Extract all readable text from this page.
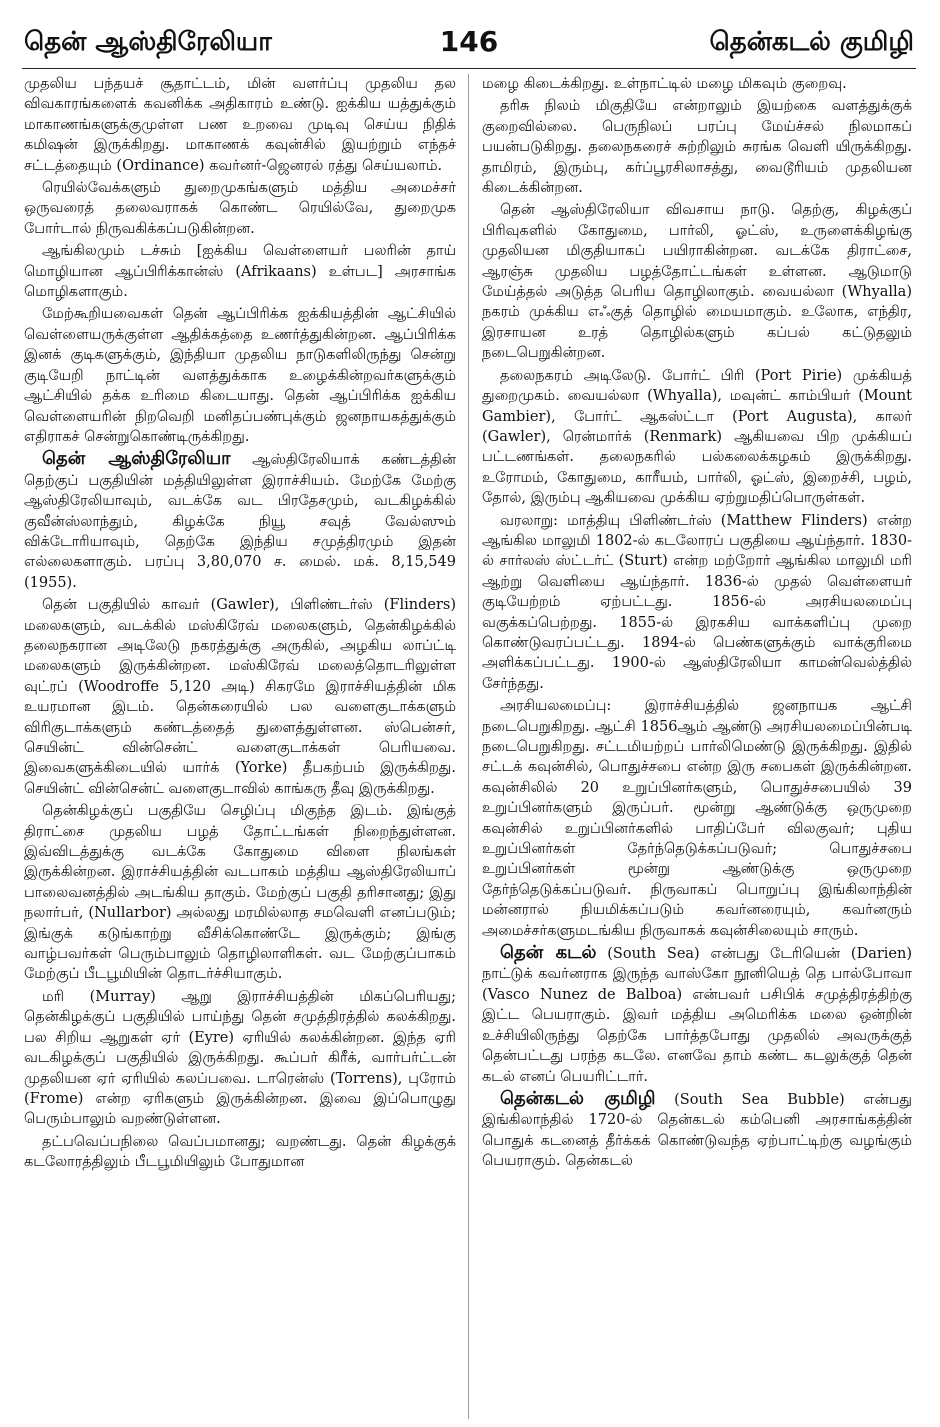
146
தென் ஆஸ்திரேலியா	தென்கடல் குமிழி

முதலிய பந்தயச் சூதாட்டம், மின் வளர்ப்பு முதலிய தல விவகாரங்களைக் கவனிக்க அதிகாரம் உண்டு. ஐக்கிய யத்துக்கும் மாகாணங்களுக்குமுள்ள பண உறவை முடிவு செய்ய நிதிக் கமிஷன் இருக்கிறது. மாகாணக் கவுன்சில் இயற்றும் எந்தச் சட்டத்தையும் (Ordinance) கவர்னர்-ஜெனரல் ரத்து செய்யலாம்.

ரெயில்வேக்களும் துறைமுகங்களும் மத்திய அமைச்சர் ஒருவரைத் தலைவராகக் கொண்ட ரெயில்வே, துறைமுக போர்டால் நிருவகிக்கப்படுகின்றன.

ஆங்கிலமும் டச்சும் [ஐக்கிய வெள்ளையர் பலரின் தாய் மொழியான ஆப்பிரிக்கான்ஸ் (Afrikaans) உள்பட] அரசாங்க மொழிகளாகும்.

மேற்கூறியவைகள் தென் ஆப்பிரிக்க ஐக்கியத்தின் ஆட்சியில் வெள்ளையருக்குள்ள ஆதிக்கத்தை உணர்த்துகின்றன. ஆப்பிரிக்க இனக் குடிகளுக்கும், இந்தியா முதலிய நாடுகளிலிருந்து சென்று குடியேறி நாட்டின் வளத்துக்காக உழைக்கின்றவர்களுக்கும் ஆட்சியில் தக்க உரிமை கிடையாது. தென் ஆப்பிரிக்க ஐக்கிய வெள்ளையரின் நிறவெறி மனிதப்பண்புக்கும் ஜனநாயகத்துக்கும் எதிராகச் சென்றுகொண்டிருக்கிறது.

தென் ஆஸ்திரேலியா ஆஸ்திரேலியாக் கண்டத்தின் தெற்குப் பகுதியின் மத்தியிலுள்ள இராச்சியம். மேற்கே மேற்கு ஆஸ்திரேலியாவும், வடக்கே வட பிரதேசமும், வடகிழக்கில் குவீன்ஸ்லாந்தும், கிழக்கே நியூ சவுத் வேல்ஸும் விக்டோரியாவும், தெற்கே இந்திய சமுத்திரமும் இதன் எல்லைகளாகும். பரப்பு 3,80,070 ச. மைல். மக். 8,15,549 (1955).

தென் பகுதியில் காவர் (Gawler), பிளிண்டர்ஸ் (Flinders) மலைகளும், வடக்கில் மஸ்கிரேவ் மலைகளும், தென்கிழக்கில் தலைநகரான அடிலேடு நகரத்துக்கு அருகில், அழகிய லாப்ட்டி மலைகளும் இருக்கின்றன. மஸ்கிரேவ் மலைத்தொடரிலுள்ள வுட்ரப் (Woodroffe 5,120 அடி) சிகரமே இராச்சியத்தின் மிக உயரமான இடம். தென்கரையில் பல வளைகுடாக்களும் விரிகுடாக்களும் கண்டத்தைத் துளைத்துள்ளன. ஸ்பென்சர், செயின்ட் வின்சென்ட் வளைகுடாக்கள் பெரியவை. இவைகளுக்கிடையில் யார்க் (Yorke) தீபகற்பம் இருக்கிறது. செயின்ட் வின்சென்ட் வளைகுடாவில் காங்கரு தீவு இருக்கிறது.

தென்கிழக்குப் பகுதியே செழிப்பு மிகுந்த இடம். இங்குத் திராட்சை முதலிய பழத் தோட்டங்கள் நிறைந்துள்ளன. இவ்விடத்துக்கு வடக்கே கோதுமை விளை நிலங்கள் இருக்கின்றன. இராச்சியத்தின் வடபாகம் மத்திய ஆஸ்திரேலியாப் பாலைவனத்தில் அடங்கிய தாகும். மேற்குப் பகுதி தரிசானது; இது நலார்பர், (Nullarbor) அல்லது மரமில்லாத சமவெளி எனப்படும்; இங்குக் கடுங்காற்று வீசிக்கொண்டே இருக்கும்; இங்கு வாழ்பவர்கள் பெரும்பாலும் தொழிலாளிகள். வட மேற்குப்பாகம் மேற்குப் பீடபூமியின் தொடர்ச்சியாகும்.

மரி (Murray) ஆறு இராச்சியத்தின் மிகப்பெரியது; தென்கிழக்குப் பகுதியில் பாய்ந்து தென் சமுத்திரத்தில் கலக்கிறது. பல சிறிய ஆறுகள் ஏர் (Eyre) ஏரியில் கலக்கின்றன. இந்த ஏரி வடகிழக்குப் பகுதியில் இருக்கிறது. கூப்பர் கிரீக், வார்பர்ட்டன் முதலியன ஏர் ஏரியில் கலப்பவை. டாரென்ஸ் (Torrens), புரோம் (Frome) என்ற ஏரிகளும் இருக்கின்றன. இவை இப்பொழுது பெரும்பாலும் வறண்டுள்ளன.

தட்பவெப்பநிலை வெப்பமானது; வறண்டது. தென் கிழக்குக் கடலோரத்திலும் பீடபூமியிலும் போதுமான

மழை கிடைக்கிறது. உள்நாட்டில் மழை மிகவும் குறைவு.

தரிசு நிலம் மிகுதியே என்றாலும் இயற்கை வளத்துக்குக் குறைவில்லை. பெருநிலப் பரப்பு மேய்ச்சல் நிலமாகப் பயன்படுகிறது. தலைநகரைச் சுற்றிலும் சுரங்க வெளி யிருக்கிறது. தாமிரம், இரும்பு, கர்ப்பூரசிலாசத்து, வைடூரியம் முதலியன கிடைக்கின்றன.

தென் ஆஸ்திரேலியா விவசாய நாடு. தெற்கு, கிழக்குப் பிரிவுகளில் கோதுமை, பார்லி, ஓட்ஸ், உருளைக்கிழங்கு முதலியன மிகுதியாகப் பயிராகின்றன. வடக்கே திராட்சை, ஆரஞ்சு முதலிய பழத்தோட்டங்கள் உள்ளன. ஆடுமாடு மேய்த்தல் அடுத்த பெரிய தொழிலாகும். வையல்லா (Whyalla) நகரம் முக்கிய எஃகுத் தொழில் மையமாகும். உலோக, எந்திர, இரசாயன உரத் தொழில்களும் கப்பல் கட்டுதலும் நடைபெறுகின்றன.

தலைநகரம் அடிலேடு. போர்ட் பிரி (Port Pirie) முக்கியத் துறைமுகம். வையல்லா (Whyalla), மவுன்ட் காம்பியர் (Mount Gambier), போர்ட் ஆகஸ்ட்டா (Port Augusta), காலர் (Gawler), ரென்மார்க் (Renmark) ஆகியவை பிற முக்கியப் பட்டணங்கள். தலைநகரில் பல்கலைக்கழகம் இருக்கிறது. உரோமம், கோதுமை, காரீயம், பார்லி, ஓட்ஸ், இறைச்சி, பழம், தோல், இரும்பு ஆகியவை முக்கிய ஏற்றுமதிப்பொருள்கள்.

வரலாறு: மாத்தியு பிளிண்டர்ஸ் (Matthew Flinders) என்ற ஆங்கில மாலுமி 1802-ல் கடலோரப் பகுதியை ஆய்ந்தார். 1830-ல் சார்லஸ் ஸ்ட்டர்ட் (Sturt) என்ற மற்றோர் ஆங்கில மாலுமி மரி ஆற்று வெளியை ஆய்ந்தார். 1836-ல் முதல் வெள்ளையர் குடியேற்றம் ஏற்பட்டது. 1856-ல் அரசியலமைப்பு வகுக்கப்பெற்றது. 1855-ல் இரகசிய வாக்களிப்பு முறை கொண்டுவரப்பட்டது. 1894-ல் பெண்களுக்கும் வாக்குரிமை அளிக்கப்பட்டது. 1900-ல் ஆஸ்திரேலியா காமன்வெல்த்தில் சேர்ந்தது.

அரசியலமைப்பு: இராச்சியத்தில் ஜனநாயக ஆட்சி நடைபெறுகிறது. ஆட்சி 1856ஆம் ஆண்டு அரசியலமைப்பின்படி நடைபெறுகிறது. சட்டமியற்றப் பார்லிமெண்டு இருக்கிறது. இதில் சட்டக் கவுன்சில், பொதுச்சபை என்ற இரு சபைகள் இருக்கின்றன. கவுன்சிலில் 20 உறுப்பினர்களும், பொதுச்சபையில் 39 உறுப்பினர்களும் இருப்பர். மூன்று ஆண்டுக்கு ஒருமுறை கவுன்சில் உறுப்பினர்களில் பாதிப்பேர் விலகுவர்; புதிய உறுப்பினர்கள் தேர்ந்தெடுக்கப்படுவர்; பொதுச்சபை உறுப்பினர்கள் மூன்று ஆண்டுக்கு ஒருமுறை தேர்ந்தெடுக்கப்படுவர். நிருவாகப் பொறுப்பு இங்கிலாந்தின் மன்னரால் நியமிக்கப்படும் கவர்னரையும், கவர்னரும் அமைச்சர்களுமடங்கிய நிருவாகக் கவுன்சிலையும் சாரும்.

தென் கடல் (South Sea) என்பது டேரியென் (Darien) நாட்டுக் கவர்னராக இருந்த வாஸ்கோ நூனியெத் தெ பால்போவா (Vasco Nunez de Balboa) என்பவர் பசிபிக் சமுத்திரத்திற்கு இட்ட பெயராகும். இவர் மத்திய அமெரிக்க மலை ஒன்றின் உச்சியிலிருந்து தெற்கே பார்த்தபோது முதலில் அவருக்குத் தென்பட்டது பரந்த கடலே. எனவே தாம் கண்ட கடலுக்குத் தென் கடல் எனப் பெயரிட்டார்.

தென்கடல் குமிழி (South Sea Bubble) என்பது இங்கிலாந்தில் 1720-ல் தென்கடல் கம்பெனி அரசாங்கத்தின் பொதுக் கடனைத் தீர்க்கக் கொண்டுவந்த ஏற்பாட்டிற்கு வழங்கும் பெயராகும். தென்கடல்
